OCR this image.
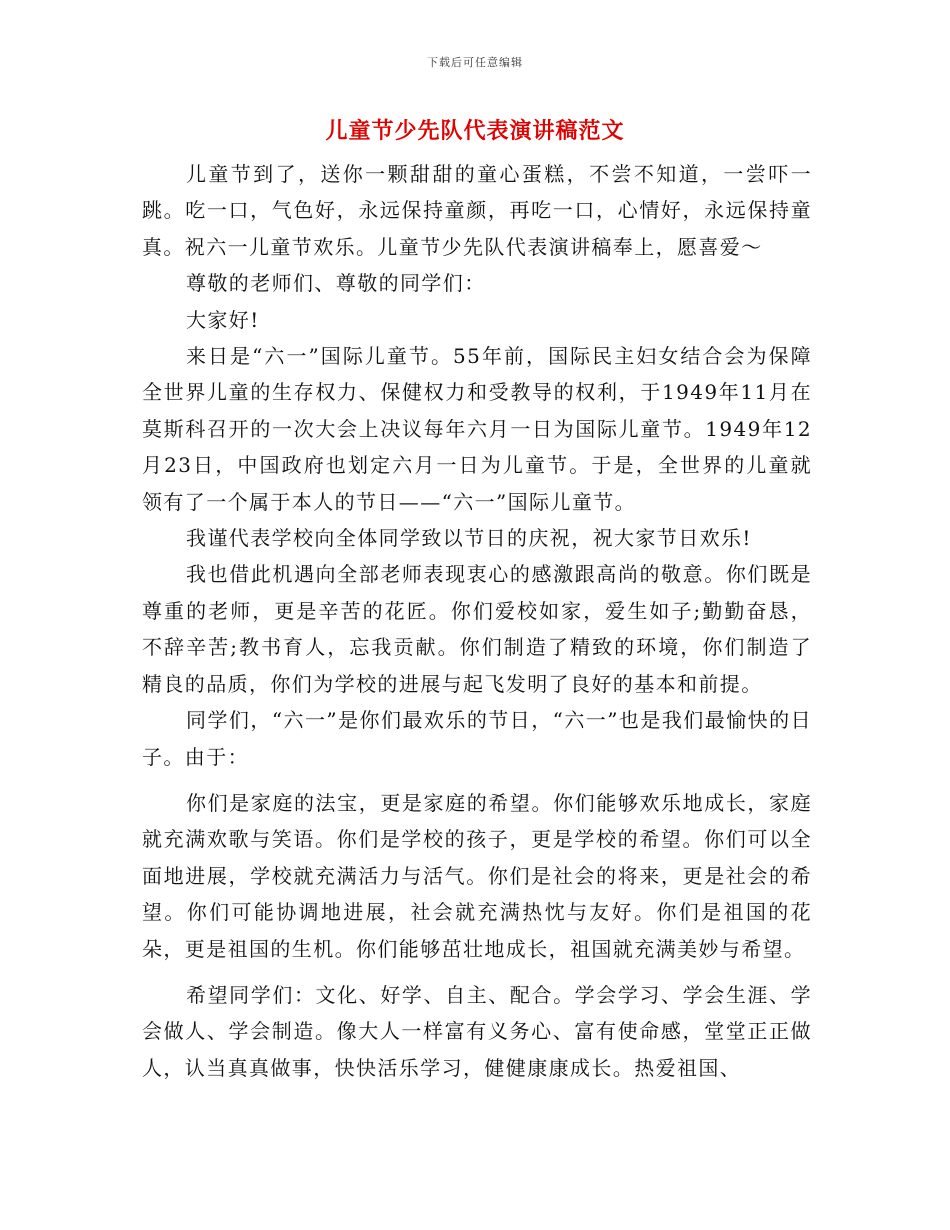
下载后可任意编辑
儿童节少先队代表演讲稿范文

儿童节到了，送你一颗甜甜的童心蛋糕，不尝不知道，一尝吓一跳。吃一口，气色好，永远保持童颜，再吃一口，心情好，永远保持童真。祝六一儿童节欢乐。儿童节少先队代表演讲稿奉上，愿喜爱～

尊敬的老师们、尊敬的同学们：

大家好!

来日是“六一”国际儿童节。55年前，国际民主妇女结合会为保障全世界儿童的生存权力、保健权力和受教导的权利，于1949年11月在莫斯科召开的一次大会上决议每年六月一日为国际儿童节。1949年12月23日，中国政府也划定六月一日为儿童节。于是，全世界的儿童就领有了一个属于本人的节日——“六一”国际儿童节。

我谨代表学校向全体同学致以节日的庆祝，祝大家节日欢乐!

我也借此机遇向全部老师表现衷心的感激跟高尚的敬意。你们既是尊重的老师，更是辛苦的花匠。你们爱校如家，爱生如子;勤勤奋恳，不辞辛苦;教书育人，忘我贡献。你们制造了精致的环境，你们制造了精良的品质，你们为学校的进展与起飞发明了良好的基本和前提。

同学们，“六一”是你们最欢乐的节日，“六一”也是我们最愉快的日子。由于：

你们是家庭的法宝，更是家庭的希望。你们能够欢乐地成长，家庭就充满欢歌与笑语。你们是学校的孩子，更是学校的希望。你们可以全面地进展，学校就充满活力与活气。你们是社会的将来，更是社会的希望。你们可能协调地进展，社会就充满热忱与友好。你们是祖国的花朵，更是祖国的生机。你们能够茁壮地成长，祖国就充满美妙与希望。

希望同学们：文化、好学、自主、配合。学会学习、学会生涯、学会做人、学会制造。像大人一样富有义务心、富有使命感，堂堂正正做人，认当真真做事，快快活乐学习，健健康康成长。热爱祖国、
